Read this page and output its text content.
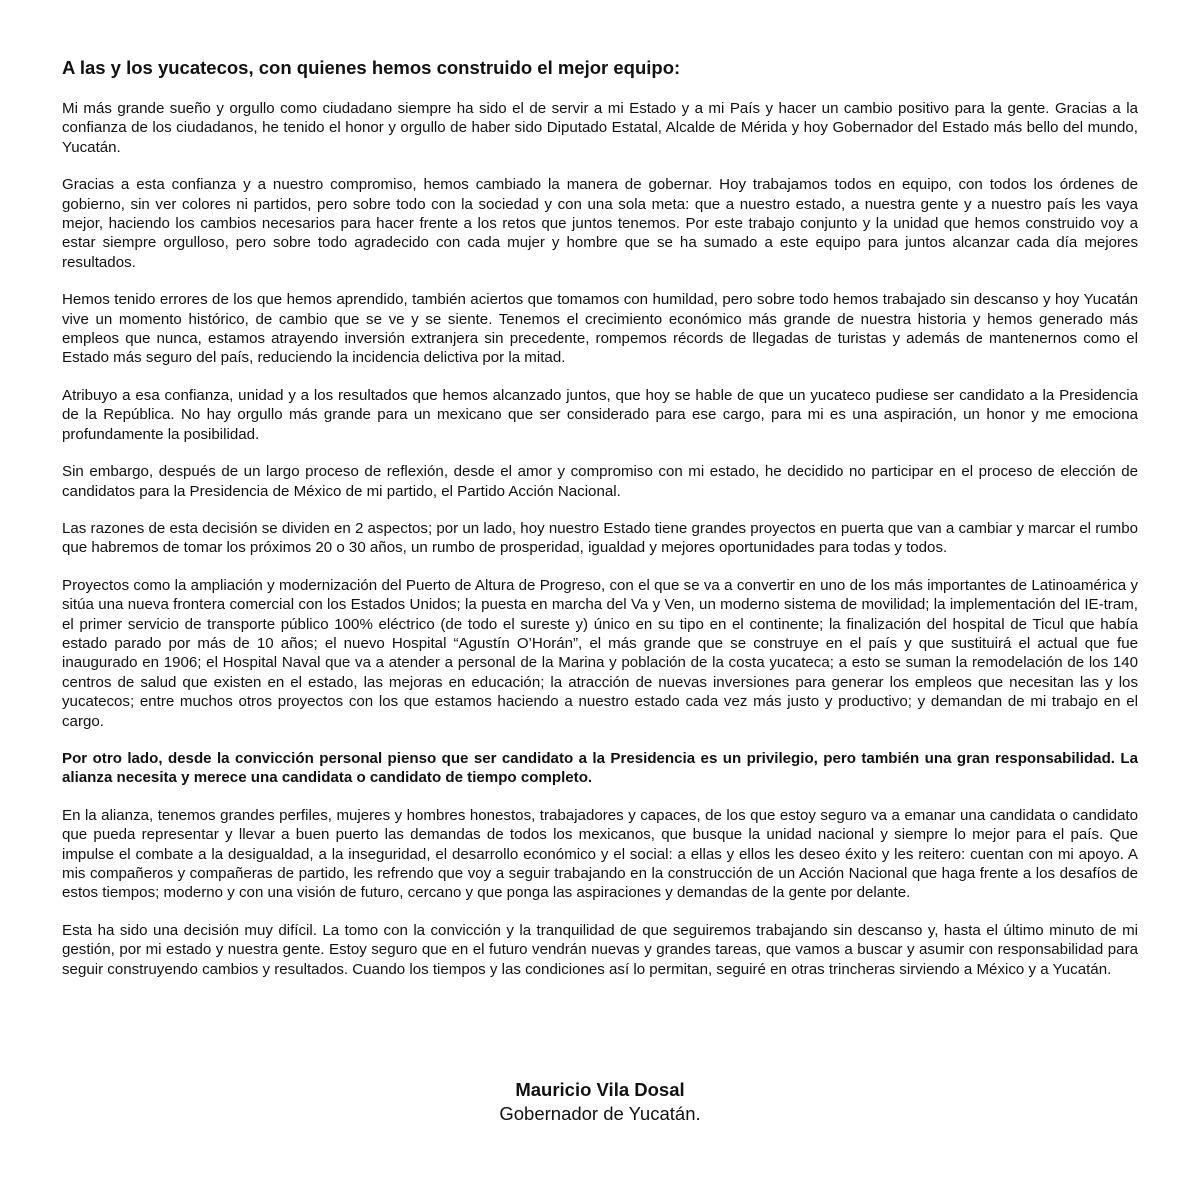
A las y los yucatecos, con quienes hemos construido el mejor equipo:

Mi más grande sueño y orgullo como ciudadano siempre ha sido el de servir a mi Estado y a mi País y hacer un cambio positivo para la gente. Gracias a la confianza de los ciudadanos, he tenido el honor y orgullo de haber sido Diputado Estatal, Alcalde de Mérida y hoy Gobernador del Estado más bello del mundo, Yucatán.

Gracias a esta confianza y a nuestro compromiso, hemos cambiado la manera de gobernar. Hoy trabajamos todos en equipo, con todos los órdenes de gobierno, sin ver colores ni partidos, pero sobre todo con la sociedad y con una sola meta: que a nuestro estado, a nuestra gente y a nuestro país les vaya mejor, haciendo los cambios necesarios para hacer frente a los retos que juntos tenemos. Por este trabajo conjunto y la unidad que hemos construido voy a estar siempre orgulloso, pero sobre todo agradecido con cada mujer y hombre que se ha sumado a este equipo para juntos alcanzar cada día mejores resultados.

Hemos tenido errores de los que hemos aprendido, también aciertos que tomamos con humildad, pero sobre todo hemos trabajado sin descanso y hoy Yucatán vive un momento histórico, de cambio que se ve y se siente. Tenemos el crecimiento económico más grande de nuestra historia y hemos generado más empleos que nunca, estamos atrayendo inversión extranjera sin precedente, rompemos récords de llegadas de turistas y además de mantenernos como el Estado más seguro del país, reduciendo la incidencia delictiva por la mitad.

Atribuyo a esa confianza, unidad y a los resultados que hemos alcanzado juntos, que hoy se hable de que un yucateco pudiese ser candidato a la Presidencia de la República. No hay orgullo más grande para un mexicano que ser considerado para ese cargo, para mi es una aspiración, un honor y me emociona profundamente la posibilidad.

Sin embargo, después de un largo proceso de reflexión, desde el amor y compromiso con mi estado, he decidido no participar en el proceso de elección de candidatos para la Presidencia de México de mi partido, el Partido Acción Nacional.

Las razones de esta decisión se dividen en 2 aspectos; por un lado, hoy nuestro Estado tiene grandes proyectos en puerta que van a cambiar y marcar el rumbo que habremos de tomar los próximos 20 o 30 años, un rumbo de prosperidad, igualdad y mejores oportunidades para todas y todos.

Proyectos como la ampliación y modernización del Puerto de Altura de Progreso, con el que se va a convertir en uno de los más importantes de Latinoamérica y sitúa una nueva frontera comercial con los Estados Unidos; la puesta en marcha del Va y Ven, un moderno sistema de movilidad; la implementación del IE-tram, el primer servicio de transporte público 100% eléctrico (de todo el sureste y) único en su tipo en el continente; la finalización del hospital de Ticul que había estado parado por más de 10 años; el nuevo Hospital “Agustín O’Horán”, el más grande que se construye en el país y que sustituirá el actual que fue inaugurado en 1906; el Hospital Naval que va a atender a personal de la Marina y población de la costa yucateca; a esto se suman la remodelación de los 140 centros de salud que existen en el estado, las mejoras en educación; la atracción de nuevas inversiones para generar los empleos que necesitan las y los yucatecos; entre muchos otros proyectos con los que estamos haciendo a nuestro estado cada vez más justo y productivo; y demandan de mi trabajo en el cargo.

Por otro lado, desde la convicción personal pienso que ser candidato a la Presidencia es un privilegio, pero también una gran responsabilidad. La alianza necesita y merece una candidata o candidato de tiempo completo.

En la alianza, tenemos grandes perfiles, mujeres y hombres honestos, trabajadores y capaces, de los que estoy seguro va a emanar una candidata o candidato que pueda representar y llevar a buen puerto las demandas de todos los mexicanos, que busque la unidad nacional y siempre lo mejor para el país. Que impulse el combate a la desigualdad, a la inseguridad, el desarrollo económico y el social: a ellas y ellos les deseo éxito y les reitero: cuentan con mi apoyo. A mis compañeros y compañeras de partido, les refrendo que voy a seguir trabajando en la construcción de un Acción Nacional que haga frente a los desafíos de estos tiempos; moderno y con una visión de futuro, cercano y que ponga las aspiraciones y demandas de la gente por delante.

Esta ha sido una decisión muy difícil. La tomo con la convicción y la tranquilidad de que seguiremos trabajando sin descanso y, hasta el último minuto de mi gestión, por mi estado y nuestra gente. Estoy seguro que en el futuro vendrán nuevas y grandes tareas, que vamos a buscar y asumir con responsabilidad para seguir construyendo cambios y resultados. Cuando los tiempos y las condiciones así lo permitan, seguiré en otras trincheras sirviendo a México y a Yucatán.

Mauricio Vila Dosal
Gobernador de Yucatán.
